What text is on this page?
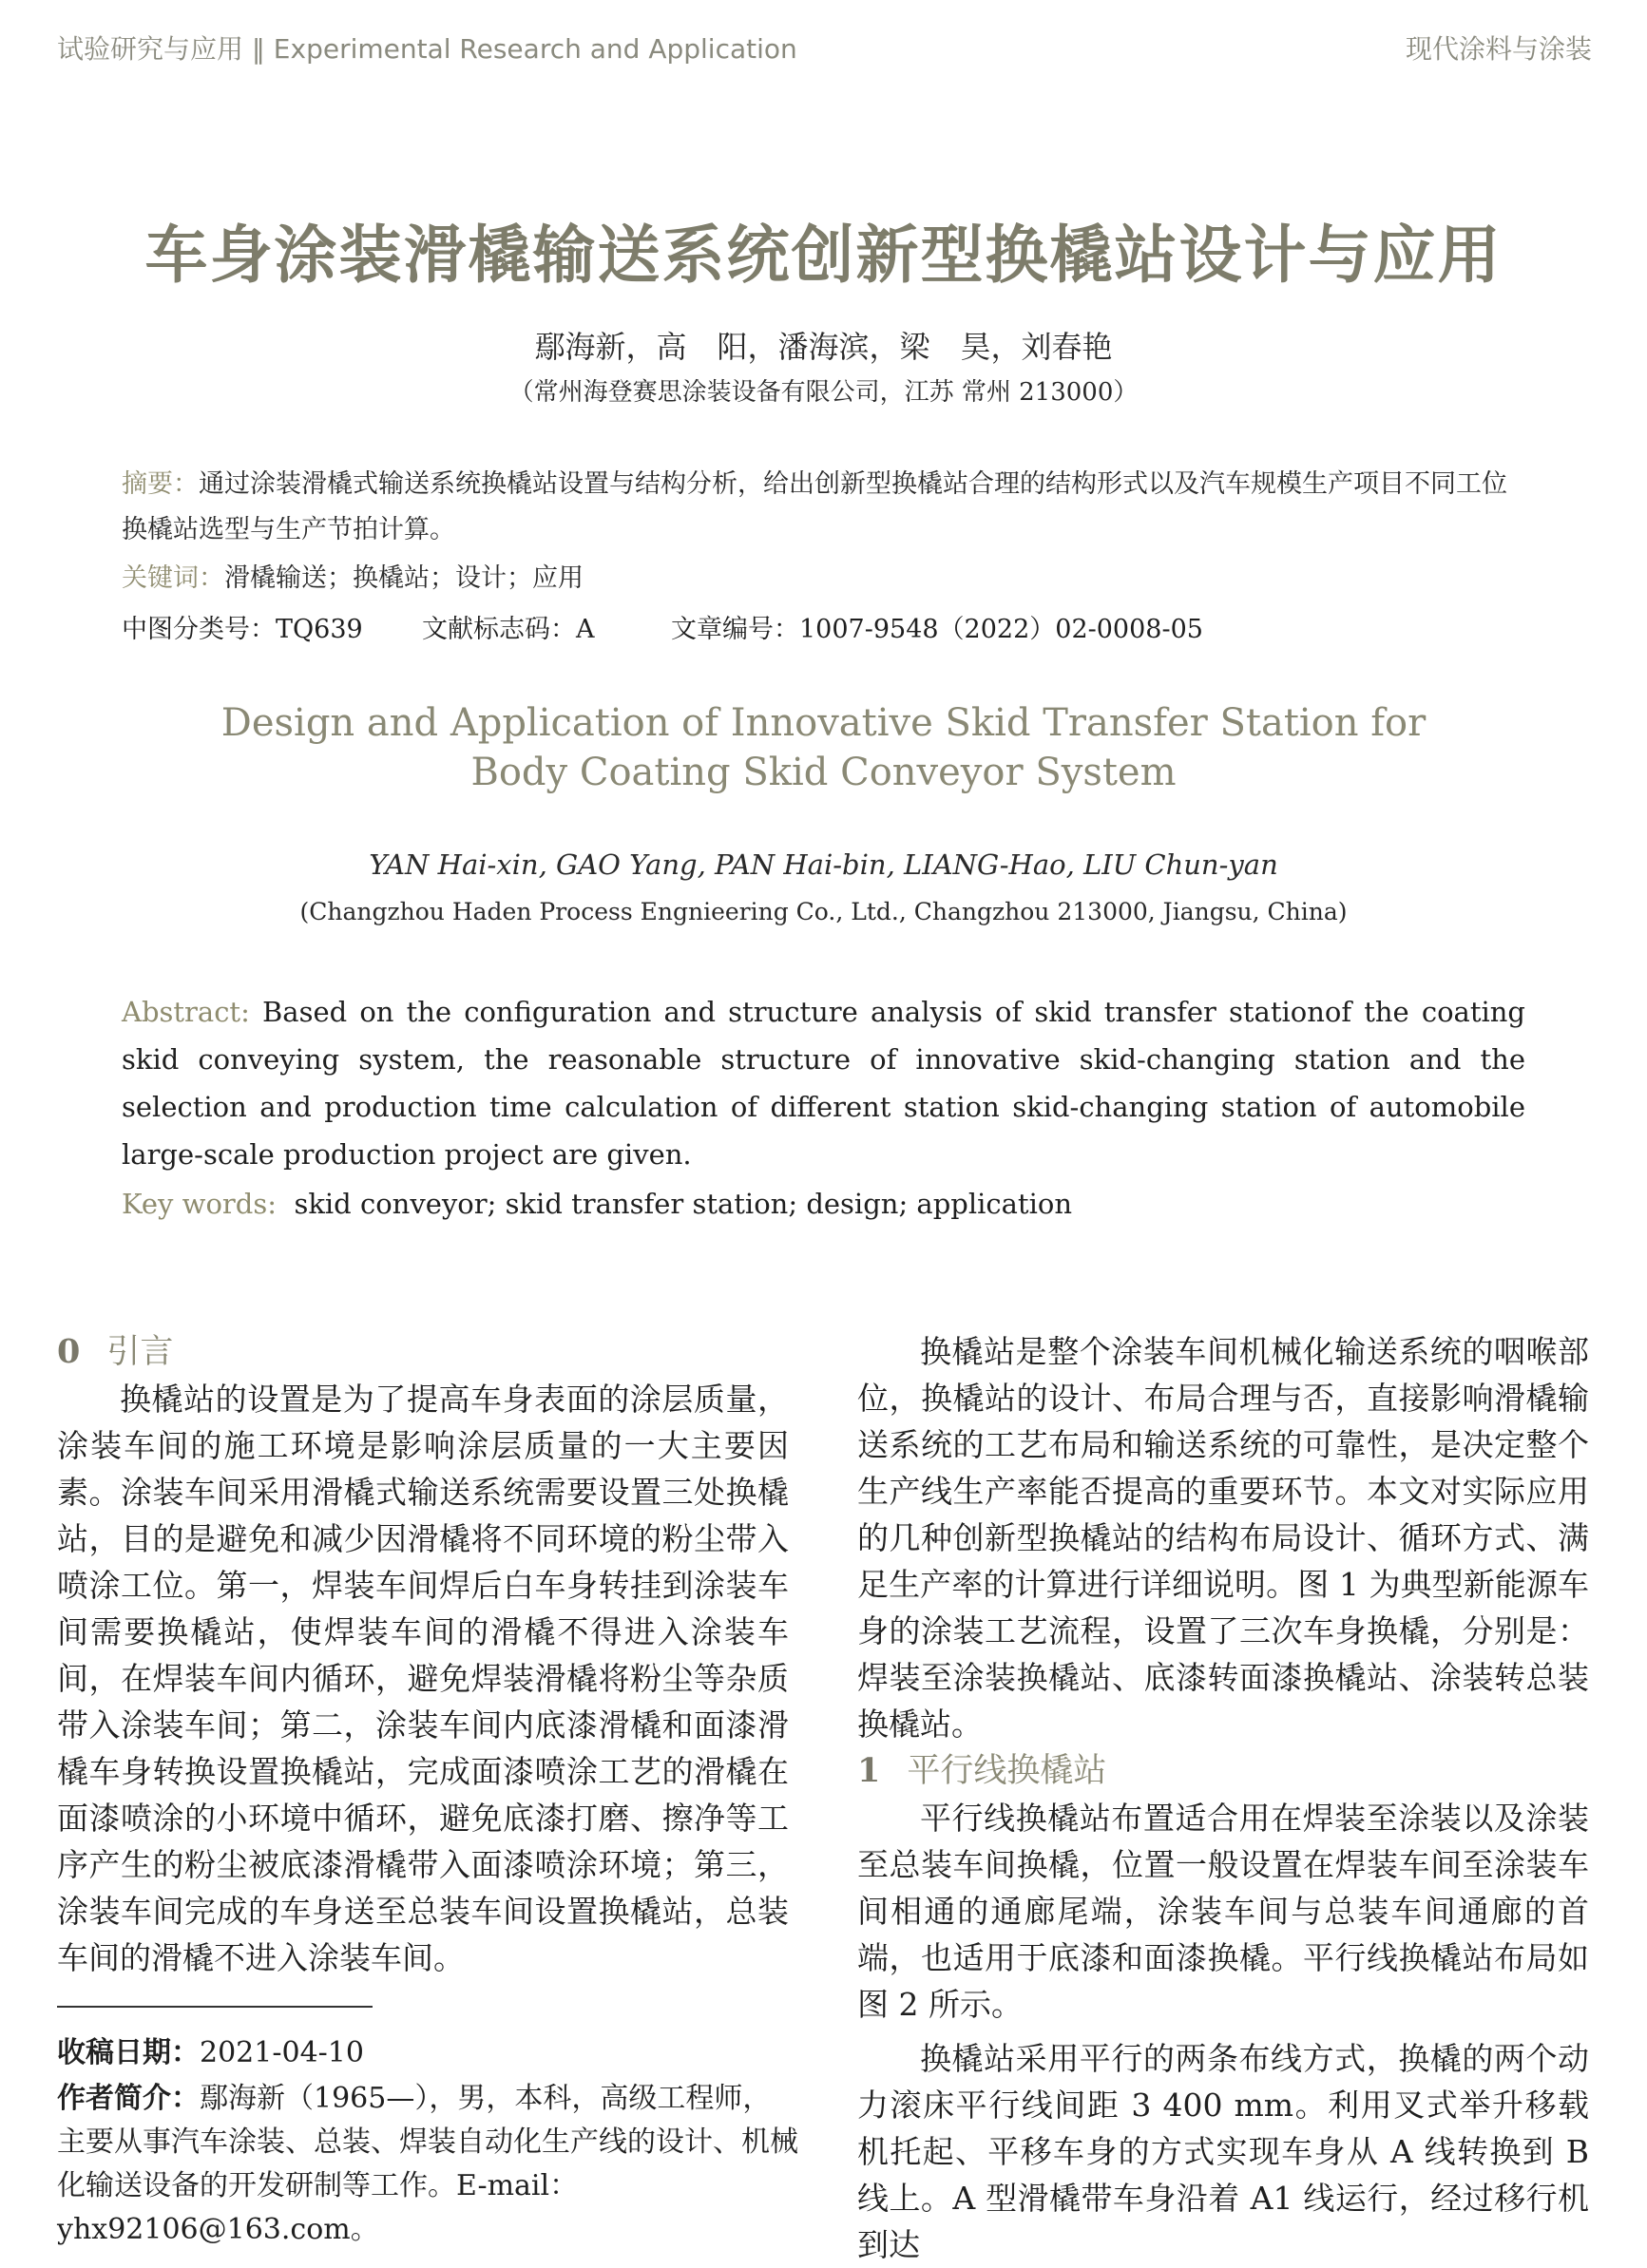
试验研究与应用 ‖ Experimental Research and Application	现代涂料与涂装
车身涂装滑橇输送系统创新型换橇站设计与应用
鄢海新，高　阳，潘海滨，梁　昊，刘春艳
（常州海登赛思涂装设备有限公司，江苏 常州 213000）
摘要：通过涂装滑橇式输送系统换橇站设置与结构分析，给出创新型换橇站合理的结构形式以及汽车规模生产项目不同工位换橇站选型与生产节拍计算。
关键词：滑橇输送；换橇站；设计；应用
中图分类号：TQ639 文献标志码：A	文章编号：1007-9548（2022）02-0008-05
Design and Application of Innovative Skid Transfer Station for
Body Coating Skid Conveyor System
YAN Hai-xin, GAO Yang, PAN Hai-bin, LIANG-Hao, LIU Chun-yan
(Changzhou Haden Process Engnieering Co., Ltd., Changzhou 213000, Jiangsu, China)
Abstract: Based on the configuration and structure analysis of skid transfer stationof the coating skid conveying system, the reasonable structure of innovative skid-changing station and the selection and production time calculation of different station skid-changing station of automobile large-scale production project are given.
Key words: skid conveyor; skid transfer station; design; application
0 引言

换橇站的设置是为了提高车身表面的涂层质量，涂装车间的施工环境是影响涂层质量的一大主要因素。涂装车间采用滑橇式输送系统需要设置三处换橇站，目的是避免和减少因滑橇将不同环境的粉尘带入喷涂工位。第一，焊装车间焊后白车身转挂到涂装车间需要换橇站，使焊装车间的滑橇不得进入涂装车间，在焊装车间内循环，避免焊装滑橇将粉尘等杂质带入涂装车间；第二，涂装车间内底漆滑橇和面漆滑橇车身转换设置换橇站，完成面漆喷涂工艺的滑橇在面漆喷涂的小环境中循环，避免底漆打磨、擦净等工序产生的粉尘被底漆滑橇带入面漆喷涂环境；第三，涂装车间完成的车身送至总装车间设置换橇站，总装车间的滑橇不进入涂装车间。

收稿日期：2021-04-10
作者简介：鄢海新（1965—），男，本科，高级工程师，主要从事汽车涂装、总装、焊装自动化生产线的设计、机械化输送设备的开发研制等工作。E-mail：yhx92106@163.com。

换橇站是整个涂装车间机械化输送系统的咽喉部位，换橇站的设计、布局合理与否，直接影响滑橇输送系统的工艺布局和输送系统的可靠性，是决定整个生产线生产率能否提高的重要环节。本文对实际应用的几种创新型换橇站的结构布局设计、循环方式、满足生产率的计算进行详细说明。图 1 为典型新能源车身的涂装工艺流程，设置了三次车身换橇，分别是：焊装至涂装换橇站、底漆转面漆换橇站、涂装转总装换橇站。

1 平行线换橇站

平行线换橇站布置适合用在焊装至涂装以及涂装至总装车间换橇，位置一般设置在焊装车间至涂装车间相通的通廊尾端，涂装车间与总装车间通廊的首端，也适用于底漆和面漆换橇。平行线换橇站布局如图 2 所示。

换橇站采用平行的两条布线方式，换橇的两个动力滚床平行线间距 3 400 mm。利用叉式举升移载机托起、平移车身的方式实现车身从 A 线转换到 B 线上。A 型滑橇带车身沿着 A1 线运行，经过移行机到达
